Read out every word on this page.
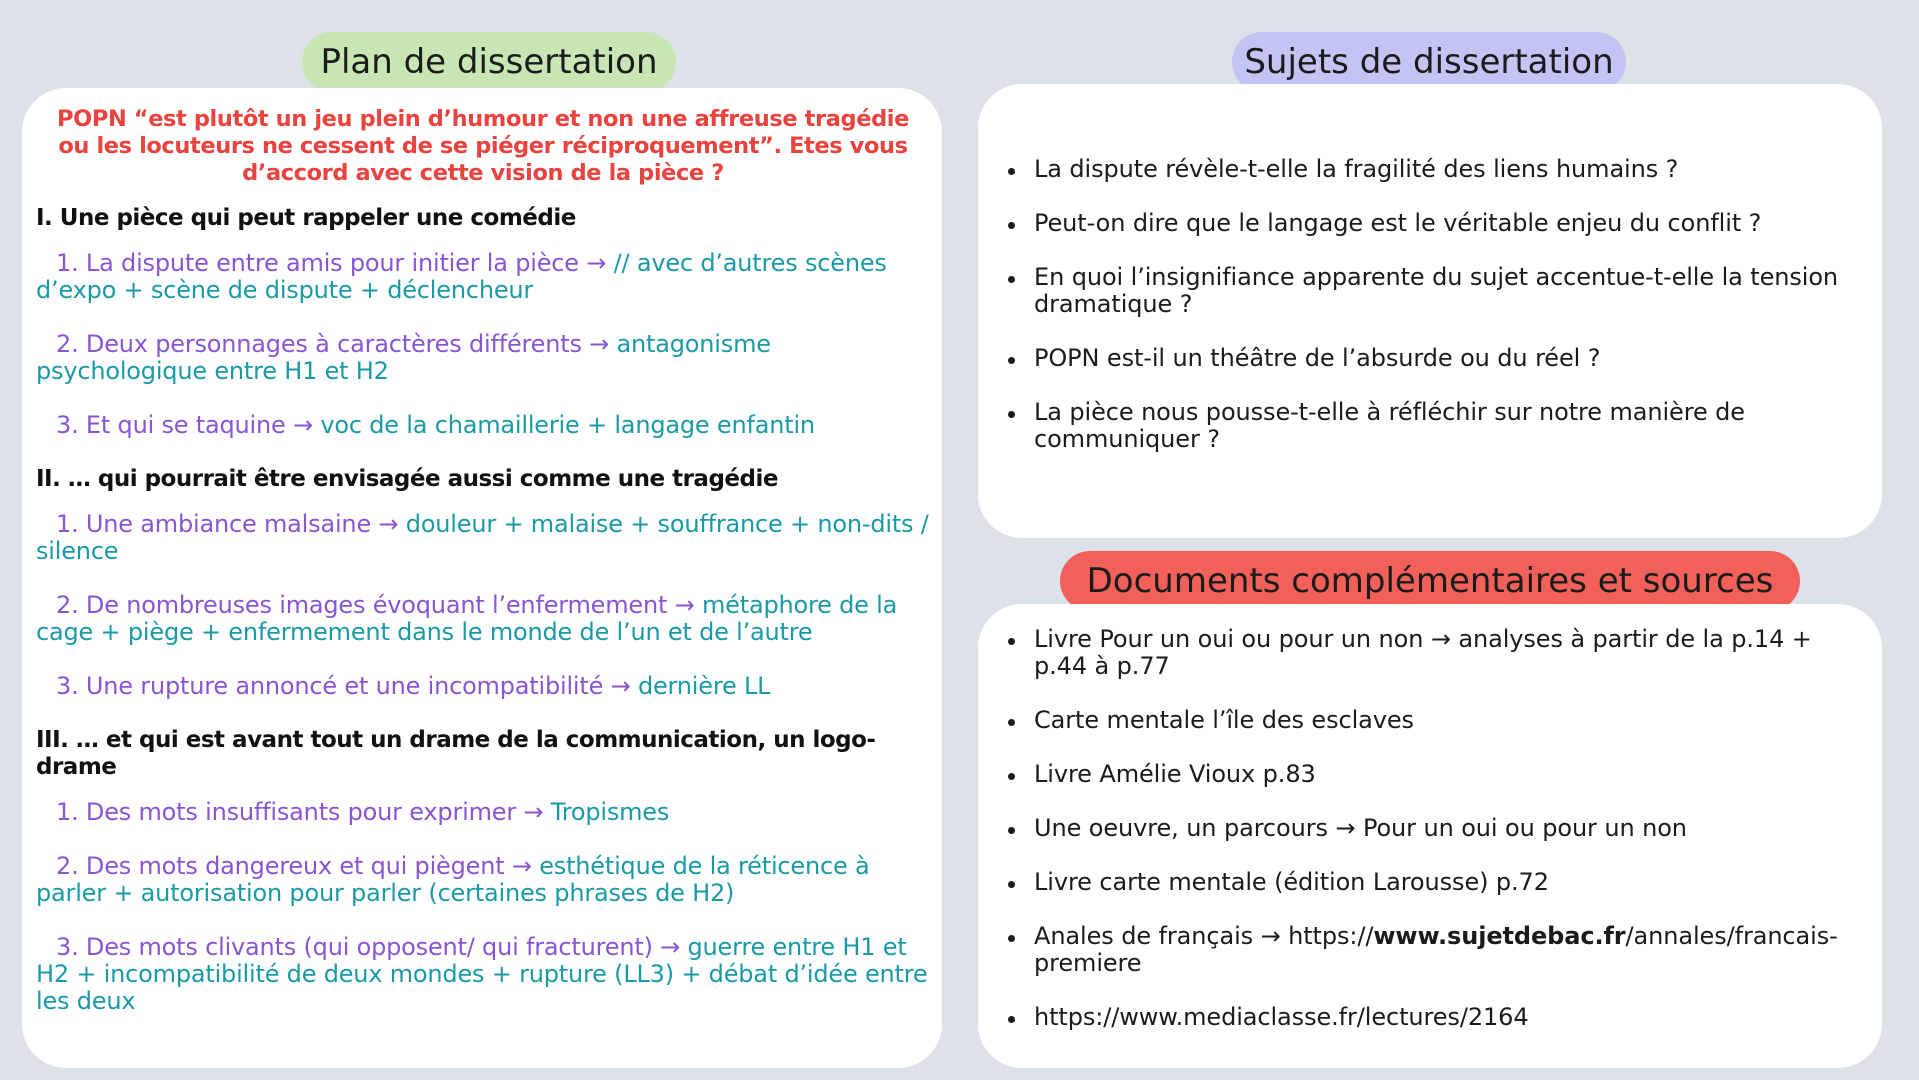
Plan de dissertation	Sujets de dissertation
Documents complémentaires et sources
POPN “est plutôt un jeu plein d’humour et non une affreuse tragédie ou les locuteurs ne cessent de se piéger réciproquement”. Etes vous d’accord avec cette vision de la pièce ?
I. Une pièce qui peut rappeler une comédie
1. La dispute entre amis pour initier la pièce → // avec d’autres scènes d’expo + scène de dispute + déclencheur
2. Deux personnages à caractères différents → antagonisme psychologique entre H1 et H2
3. Et qui se taquine → voc de la chamaillerie + langage enfantin
II. … qui pourrait être envisagée aussi comme une tragédie
1. Une ambiance malsaine → douleur + malaise + souffrance + non-dits / silence
2. De nombreuses images évoquant l’enfermement → métaphore de la cage + piège + enfermement dans le monde de l’un et de l’autre
3. Une rupture annoncé et une incompatibilité → dernière LL
III. … et qui est avant tout un drame de la communication, un logo-drame
1. Des mots insuffisants pour exprimer → Tropismes
2. Des mots dangereux et qui piègent → esthétique de la réticence à parler + autorisation pour parler (certaines phrases de H2)
3. Des mots clivants (qui opposent/ qui fracturent) → guerre entre H1 et H2 + incompatibilité de deux mondes + rupture (LL3) + débat d’idée entre les deux
La dispute révèle-t-elle la fragilité des liens humains ?
Peut-on dire que le langage est le véritable enjeu du conflit ?
En quoi l’insignifiance apparente du sujet accentue-t-elle la tension dramatique ?
POPN est-il un théâtre de l’absurde ou du réel ?
La pièce nous pousse-t-elle à réfléchir sur notre manière de communiquer ?
Livre Pour un oui ou pour un non → analyses à partir de la p.14 + p.44 à p.77
Carte mentale l’île des esclaves
Livre Amélie Vioux p.83
Une oeuvre, un parcours → Pour un oui ou pour un non
Livre carte mentale (édition Larousse) p.72
Anales de français → https://www.sujetdebac.fr/annales/francais-premiere
https://www.mediaclasse.fr/lectures/2164
